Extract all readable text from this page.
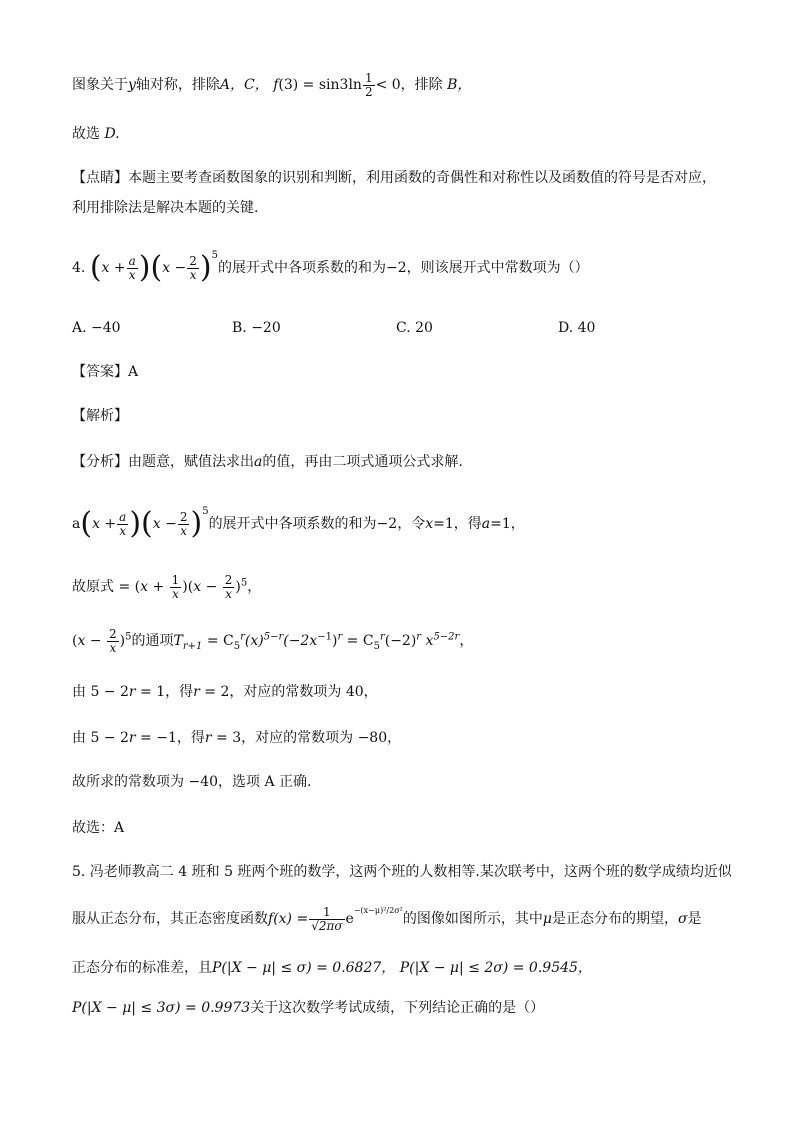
图象关于y轴对称，排除A，C， $f(3) = \sin 3\ln \frac{1}{2} < 0$，排除 B，
故选 D.
【点睛】本题主要考查函数图象的识别和判断，利用函数的奇偶性和对称性以及函数值的符号是否对应，
利用排除法是解决本题的关键.
4. $(x + \frac{a}{x} )(x - \frac{2}{x} )^5$的展开式中各项系数的和为−2，则该展开式中常数项为（）
A. −40	B. −20	C. 20	D. 40
【答案】A
【解析】
【分析】由题意，赋值法求出a的值，再由二项式通项公式求解.
$a(x + \frac{a}{x} )(x - \frac{2}{x} )^5$的展开式中各项系数的和为−2，令x=1，得a=1，
故原式 = $(x + \frac{1}{x} )(x - \frac{2}{x} )^5$，
$(x - \frac{2}{x} )^5$的通项$T_{r+1} = C_5^r(x)^{5-r}(-2x^{-1})^r = C_5^r(-2)^r$ $x^{5-2r}$，
由 5 − 2r = 1，得r = 2，对应的常数项为 40，
由 5 − 2r = −1，得r = 3，对应的常数项为 −80，
故所求的常数项为 −40，选项 A 正确.
故选：A
5. 冯老师教高二 4 班和 5 班两个班的数学，这两个班的人数相等.某次联考中，这两个班的数学成绩均近似
服从正态分布，其正态密度函数$f(x) = \frac{1}{√2\pi\sigma} e^{-(x-\mu)^2/2\sigma^2}$的图像如图所示，其中μ是正态分布的期望，σ是
正态分布的标准差，且P(|X − μ| ≤ σ) = 0.6827， P(|X − μ| ≤ 2σ) = 0.9545，
P(|X − μ| ≤ 3σ) = 0.9973关于这次数学考试成绩，下列结论正确的是（）
